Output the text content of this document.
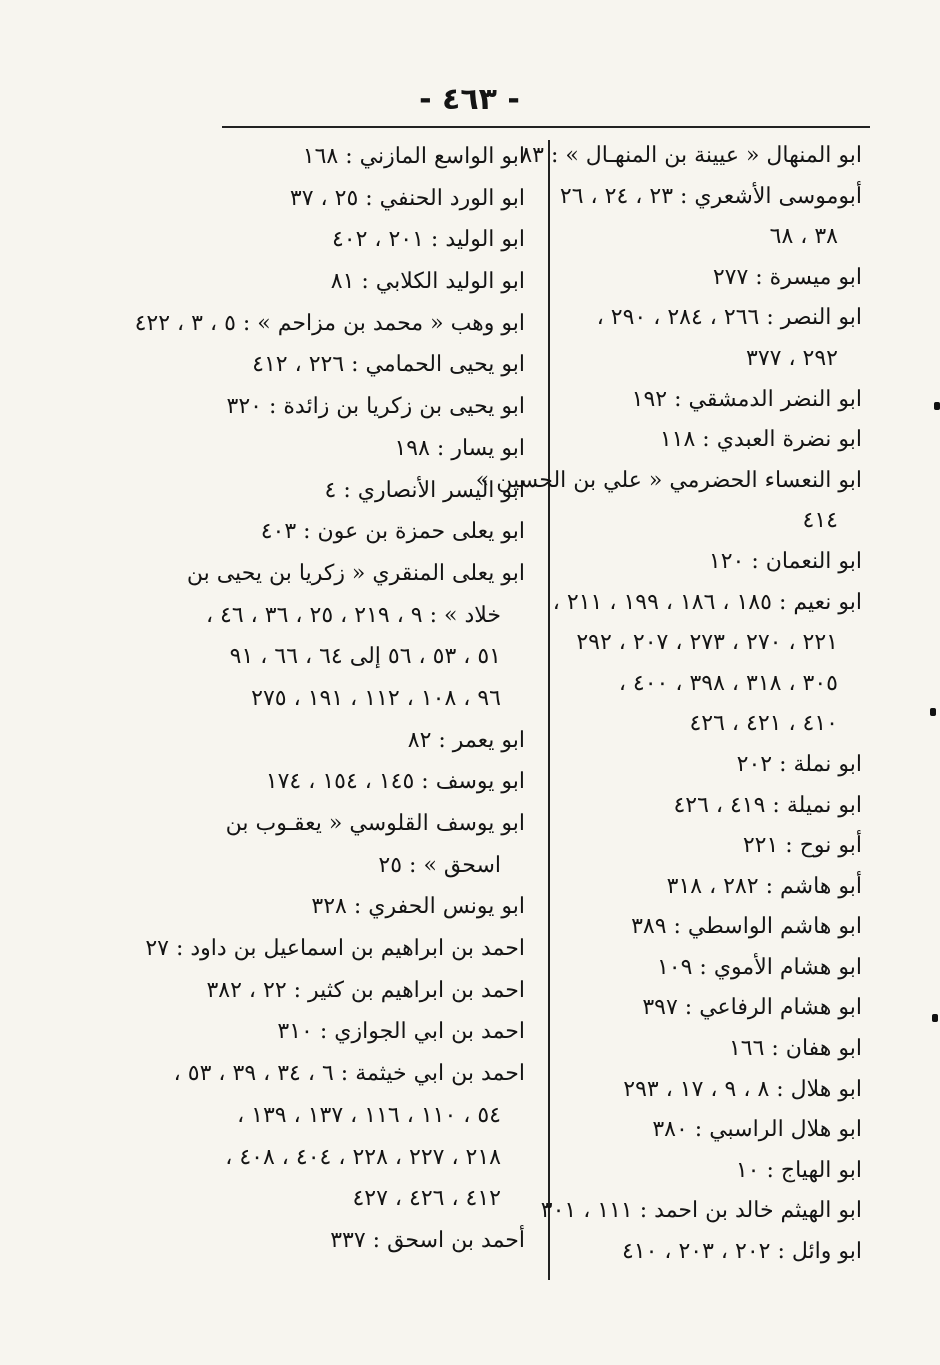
- ٤٦٣ -
ابو المنهال « عيينة بن المنهـال » : ٨٣
أبوموسى الأشعري : ٢٣ ، ٢٤ ، ٢٦
٣٨ ، ٦٨
ابو ميسرة : ٢٧٧
ابو النصر : ٢٦٦ ، ٢٨٤ ، ٢٩٠ ،
٢٩٢ ، ٣٧٧
ابو النضر الدمشقي : ١٩٢
ابو نضرة العبدي : ١١٨
ابو النعساء الحضرمي « علي بن الحسين »
٤١٤
ابو النعمان : ١٢٠
ابو نعيم : ١٨٥ ، ١٨٦ ، ١٩٩ ، ٢١١ ،
٢٢١ ، ٢٧٠ ، ٢٧٣ ، ٢٠٧ ، ٢٩٢
٣٠٥ ، ٣١٨ ، ٣٩٨ ، ٤٠٠ ،
٤١٠ ، ٤٢١ ، ٤٢٦
ابو نملة : ٢٠٢
ابو نميلة : ٤١٩ ، ٤٢٦
أبو نوح : ٢٢١
أبو هاشم : ٢٨٢ ، ٣١٨
ابو هاشم الواسطي : ٣٨٩
ابو هشام الأموي : ١٠٩
ابو هشام الرفاعي : ٣٩٧
ابو هفان : ١٦٦
ابو هلال : ٨ ، ٩ ، ١٧ ، ٢٩٣
ابو هلال الراسبي : ٣٨٠
ابو الهياج : ١٠
ابو الهيثم خالد بن احمد : ١١١ ، ٣٠١
ابو وائل : ٢٠٢ ، ٢٠٣ ، ٤١٠
ابو الواسع المازني : ١٦٨
ابو الورد الحنفي : ٢٥ ، ٣٧
ابو الوليد : ٢٠١ ، ٤٠٢
ابو الوليد الكلابي : ٨١
ابو وهب « محمد بن مزاحم » : ٥ ، ٣ ، ٤٢٢
ابو يحيى الحمامي : ٢٢٦ ، ٤١٢
ابو يحيى بن زكريا بن زائدة : ٣٢٠
ابو يسار : ١٩٨
ابو اليسر الأنصاري : ٤
ابو يعلى حمزة بن عون : ٤٠٣
ابو يعلى المنقري « زكريا بن يحيى بن
خلاد » : ٩ ، ٢١٩ ، ٢٥ ، ٣٦ ، ٤٦ ،
٥١ ، ٥٣ ، ٥٦ إلى ٦٤ ، ٦٦ ، ٩١
٩٦ ، ١٠٨ ، ١١٢ ، ١٩١ ، ٢٧٥
ابو يعمر : ٨٢
ابو يوسف : ١٤٥ ، ١٥٤ ، ١٧٤
ابو يوسف القلوسي « يعقـوب بن
اسحق » : ٢٥
ابو يونس الحفري : ٣٢٨
احمد بن ابراهيم بن اسماعيل بن داود : ٢٧
احمد بن ابراهيم بن كثير : ٢٢ ، ٣٨٢
احمد بن ابي الجوازي : ٣١٠
احمد بن ابي خيثمة : ٦ ، ٣٤ ، ٣٩ ، ٥٣ ،
٥٤ ، ١١٠ ، ١١٦ ، ١٣٧ ، ١٣٩ ،
٢١٨ ، ٢٢٧ ، ٢٢٨ ، ٤٠٤ ، ٤٠٨ ،
٤١٢ ، ٤٢٦ ، ٤٢٧
أحمد بن اسحق : ٣٣٧
